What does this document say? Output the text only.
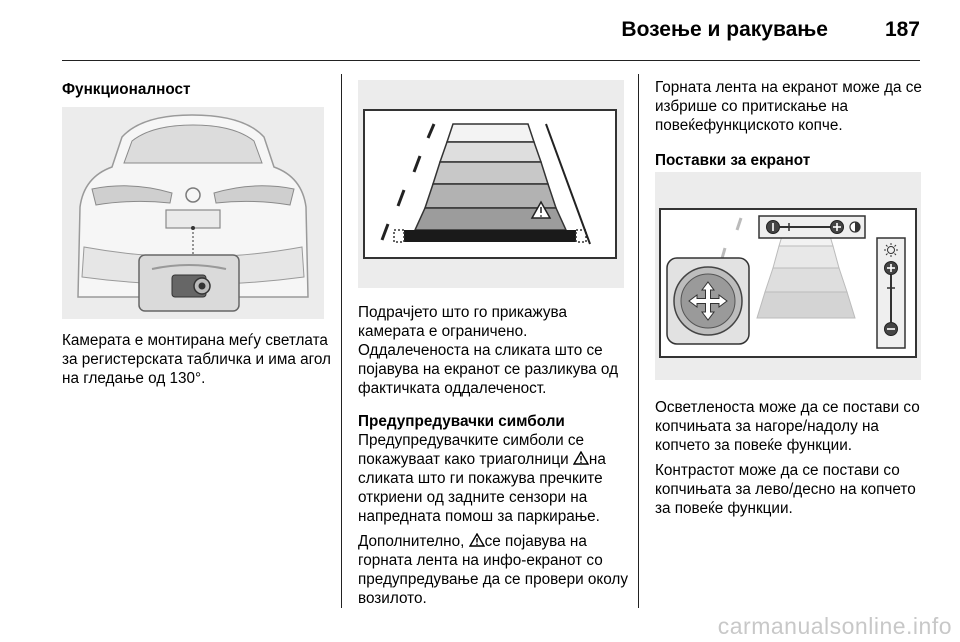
Возење и ракување	187

Функционалност

Камерата е монтирана меѓу светлата за регистерската табличка и има агол на гледање од 130°.

Подрачјето што го прикажува камерата е ограничено. Оддалеченоста на сликата што се појавува на екранот се разликува од фактичката оддалеченост.

Предупредувачки симболи

Предупредувачките симболи се покажуваат како триаголници на сликата што ги покажува пречките откриени од задните сензори на напредната помош за паркирање.

Дополнително, се појавува на горната лента на инфо-екранот со предупредување да се провери околу возилото.

Горната лента на екранот може да се избрише со притискање на повеќефункциското копче.

Поставки за екранот

Осветленоста може да се постави со копчињата за нагоре/надолу на копчето за повеќе функции.

Контрастот може да се постави со копчињата за лево/десно на копчето за повеќе функции.

carmanualsonline.info
